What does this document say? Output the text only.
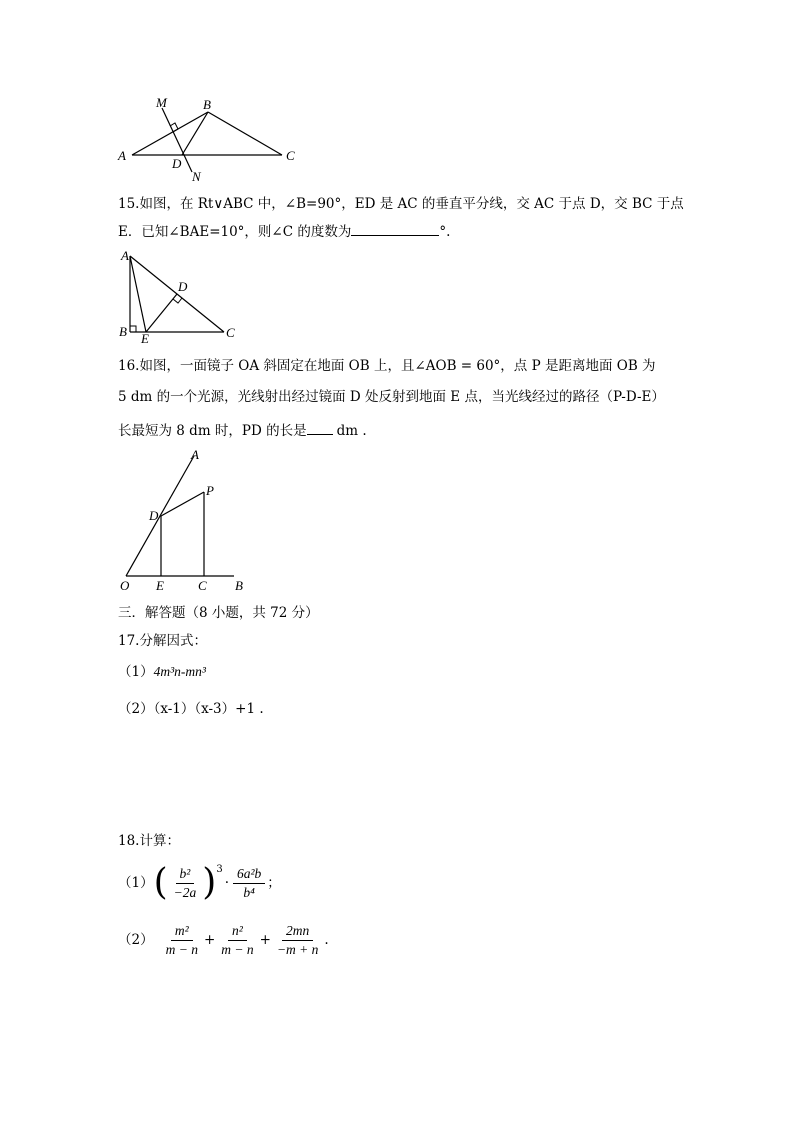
M	B
A
D
C
N
15.如图，在 Rt∨ABC 中，∠B=90°，ED 是 AC 的垂直平分线，交 AC 于点 D，交 BC 于点
E．已知∠BAE=10°，则∠C 的度数为	°.
A
D
B E	C
16.如图，一面镜子 OA 斜固定在地面 OB 上，且∠AOB = 60°，点 P 是距离地面 OB 为
5 dm 的一个光源，光线射出经过镜面 D 处反射到地面 E 点，当光线经过的路径（P-D-E）
长最短为 8 dm 时，PD 的长是 dm .
A
P
D
O E	C B
三．解答题（8 小题，共 72 分）
17.分解因式：
（1）4m³n-mn³
（2）（x-1）（x-3）+1 .
18.计算：
（1） ( $\frac{\text{b²}}{-2a}$ ) 3
· $\frac{\text{6a²b}}{\text{b⁴}}$ ；
$(2) \frac{\text{m²}}{m - n} + \frac{\text{n²}}{m - n} + \frac{2mn}{-m + n}$ .
